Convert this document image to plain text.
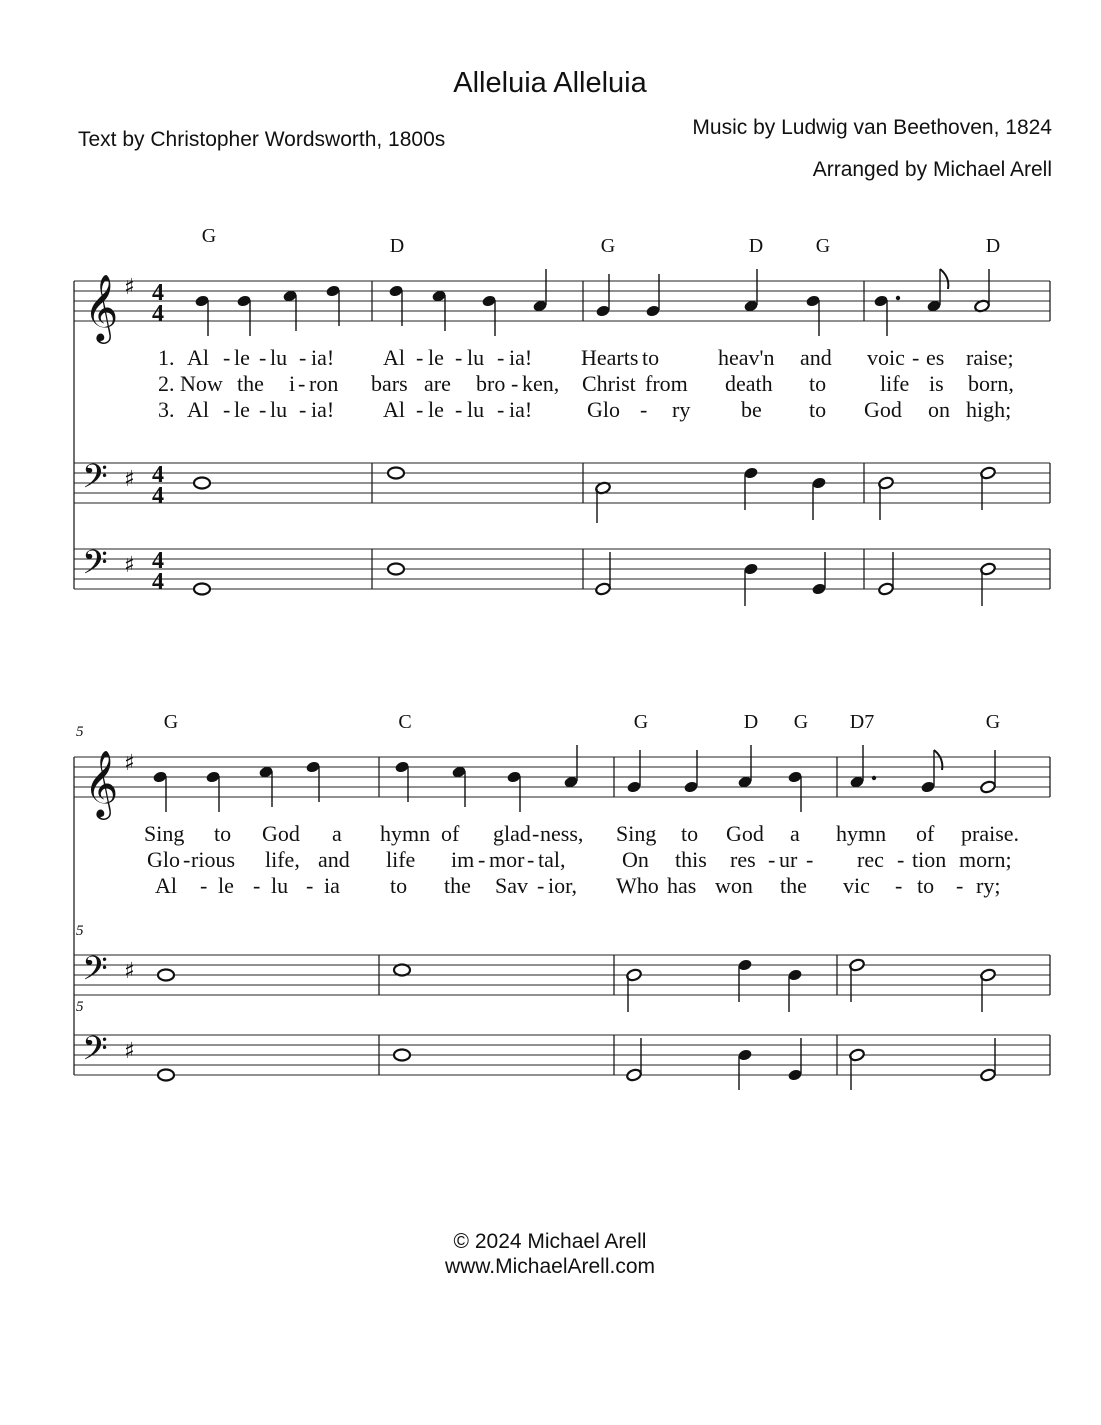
Alleluia Alleluia
Text by Christopher Wordsworth, 1800s
Music by Ludwig van Beethoven, 1824
Arranged by Michael Arell
G	D	G	D	G	D
𝄞 ♯ 4
4
1. Al - le - lu - ia! Al - le - lu - ia! Hearts to	heav'n and voic - es raise;
2. Now the i - ron bars are bro - ken, Christ from death to life is born,
3. Al - le - lu - ia! Al - le - lu - ia! Glo - ry be to God on high;
𝄢 ♯ 4
4
𝄢 ♯ 4
4
5	G	C	G	D G D7	G
𝄞 ♯
Sing to God a hymn of glad - ness, Sing to God a hymn of praise.
Glo - rious life, and life im - mor - tal,	On this res - ur - rec - tion morn;
Al - le - lu - ia to the Sav - ior, Who has won the vic - to - ry;
5
𝄢 ♯
5
𝄢 ♯
© 2024 Michael Arell
www.MichaelArell.com
